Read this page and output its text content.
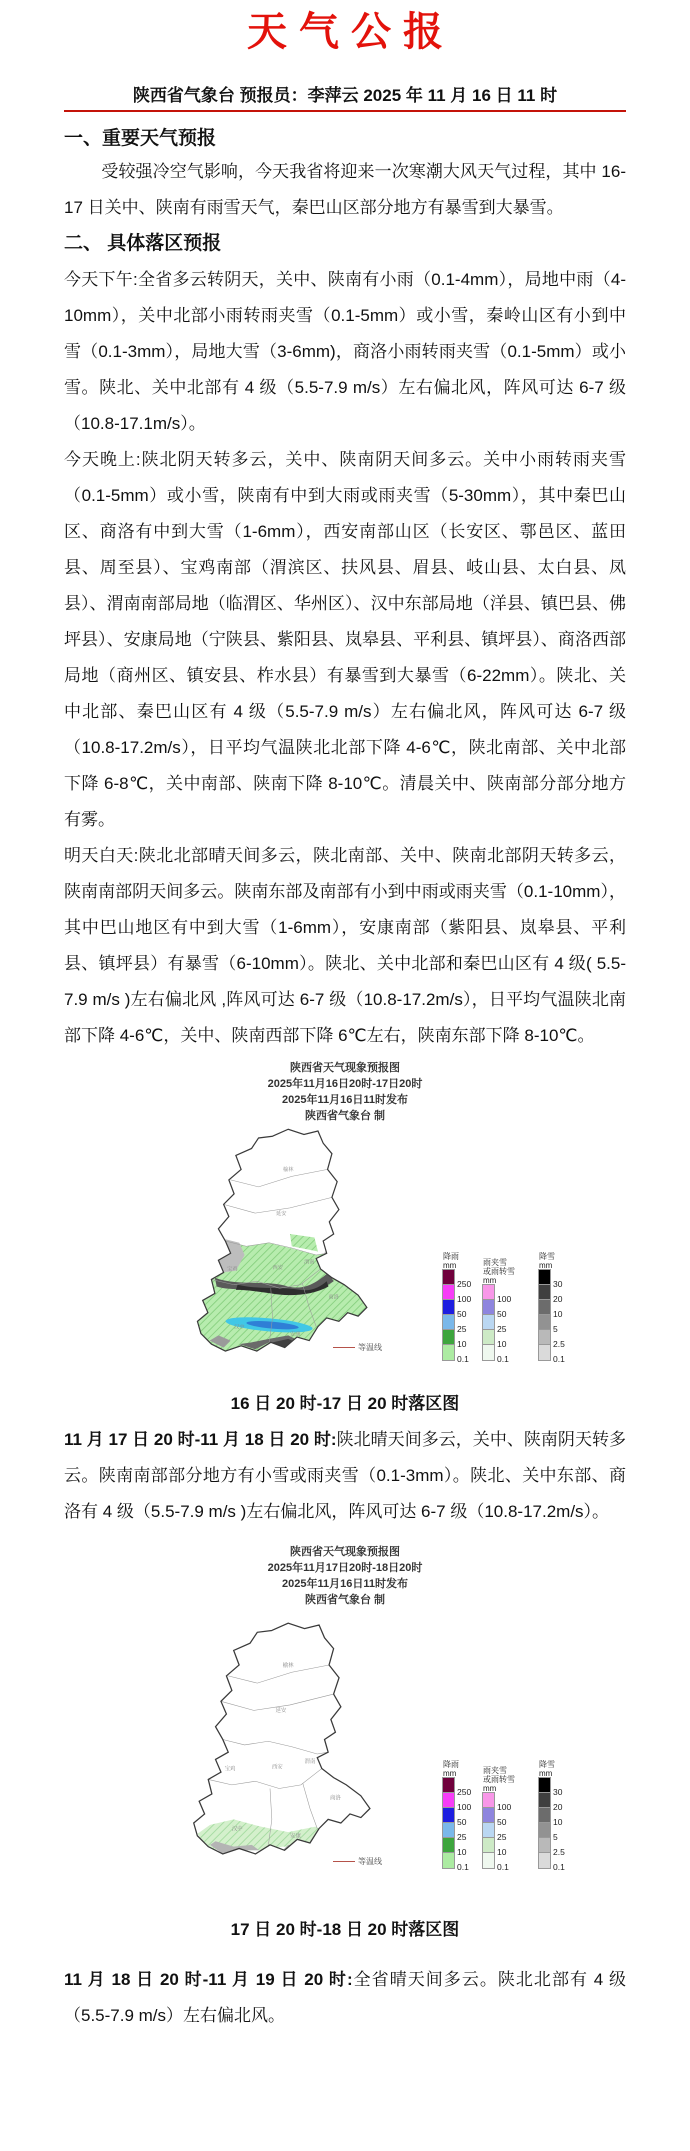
天气公报
陕西省气象台 预报员：李萍云 2025 年 11 月 16 日 11 时
一、重要天气预报

受较强冷空气影响，今天我省将迎来一次寒潮大风天气过程，其中 16-17 日关中、陕南有雨雪天气，秦巴山区部分地方有暴雪到大暴雪。

二、 具体落区预报

今天下午:全省多云转阴天，关中、陕南有小雨（0.1-4mm），局地中雨（4-10mm），关中北部小雨转雨夹雪（0.1-5mm）或小雪，秦岭山区有小到中雪（0.1-3mm），局地大雪（3-6mm)，商洛小雨转雨夹雪（0.1-5mm）或小雪。陕北、关中北部有 4 级（5.5-7.9 m/s）左右偏北风，阵风可达 6-7 级（10.8-17.1m/s）。

今天晚上:陕北阴天转多云，关中、陕南阴天间多云。关中小雨转雨夹雪（0.1-5mm）或小雪，陕南有中到大雨或雨夹雪（5-30mm），其中秦巴山区、商洛有中到大雪（1-6mm），西安南部山区（长安区、鄠邑区、蓝田县、周至县）、宝鸡南部（渭滨区、扶风县、眉县、岐山县、太白县、凤县）、渭南南部局地（临渭区、华州区）、汉中东部局地（洋县、镇巴县、佛坪县）、安康局地（宁陕县、紫阳县、岚皋县、平利县、镇坪县）、商洛西部局地（商州区、镇安县、柞水县）有暴雪到大暴雪（6-22mm）。陕北、关中北部、秦巴山区有 4 级（5.5-7.9 m/s）左右偏北风，阵风可达 6-7 级（10.8-17.2m/s），日平均气温陕北北部下降 4-6℃，陕北南部、关中北部下降 6-8℃，关中南部、陕南下降 8-10℃。清晨关中、陕南部分部分地方有雾。

明天白天:陕北北部晴天间多云，陕北南部、关中、陕南北部阴天转多云，陕南南部阴天间多云。陕南东部及南部有小到中雨或雨夹雪（0.1-10mm），其中巴山地区有中到大雪（1-6mm），安康南部（紫阳县、岚皋县、平利县、镇坪县）有暴雪（6-10mm）。陕北、关中北部和秦巴山区有 4 级( 5.5-7.9 m/s )左右偏北风 ,阵风可达 6-7 级（10.8-17.2m/s），日平均气温陕北南部下降 4-6℃，关中、陕南西部下降 6℃左右，陕南东部下降 8-10℃。

陕西省天气现象预报图
2025年11月16日20时-17日20时
2025年11月16日11时发布
陕西省气象台 制
榆林
延安
宝鸡	西安
渭南
汉中
安康
商洛
降雨
mm
250
100
50
25
10
0.1
雨夹雪
或雨转雪
mm
100
50
25
10
0.1
降雪
mm
30
20
10
5
2.5
0.1
等温线

16 日 20 时-17 日 20 时落区图

11 月 17 日 20 时-11 月 18 日 20 时:陕北晴天间多云，关中、陕南阴天转多云。陕南南部部分地方有小雪或雨夹雪（0.1-3mm）。陕北、关中东部、商洛有 4 级（5.5-7.9 m/s )左右偏北风，阵风可达 6-7 级（10.8-17.2m/s）。

陕西省天气现象预报图
2025年11月17日20时-18日20时
2025年11月16日11时发布
陕西省气象台 制
榆林
延安
宝鸡	西安
渭南
汉中
安康
商洛
降雨
mm
250
100
50
25
10
0.1
雨夹雪
或雨转雪
mm
100
50
25
10
0.1
降雪
mm
30
20
10
5
2.5
0.1
等温线

17 日 20 时-18 日 20 时落区图

11 月 18 日 20 时-11 月 19 日 20 时:全省晴天间多云。陕北北部有 4 级（5.5-7.9 m/s）左右偏北风。
